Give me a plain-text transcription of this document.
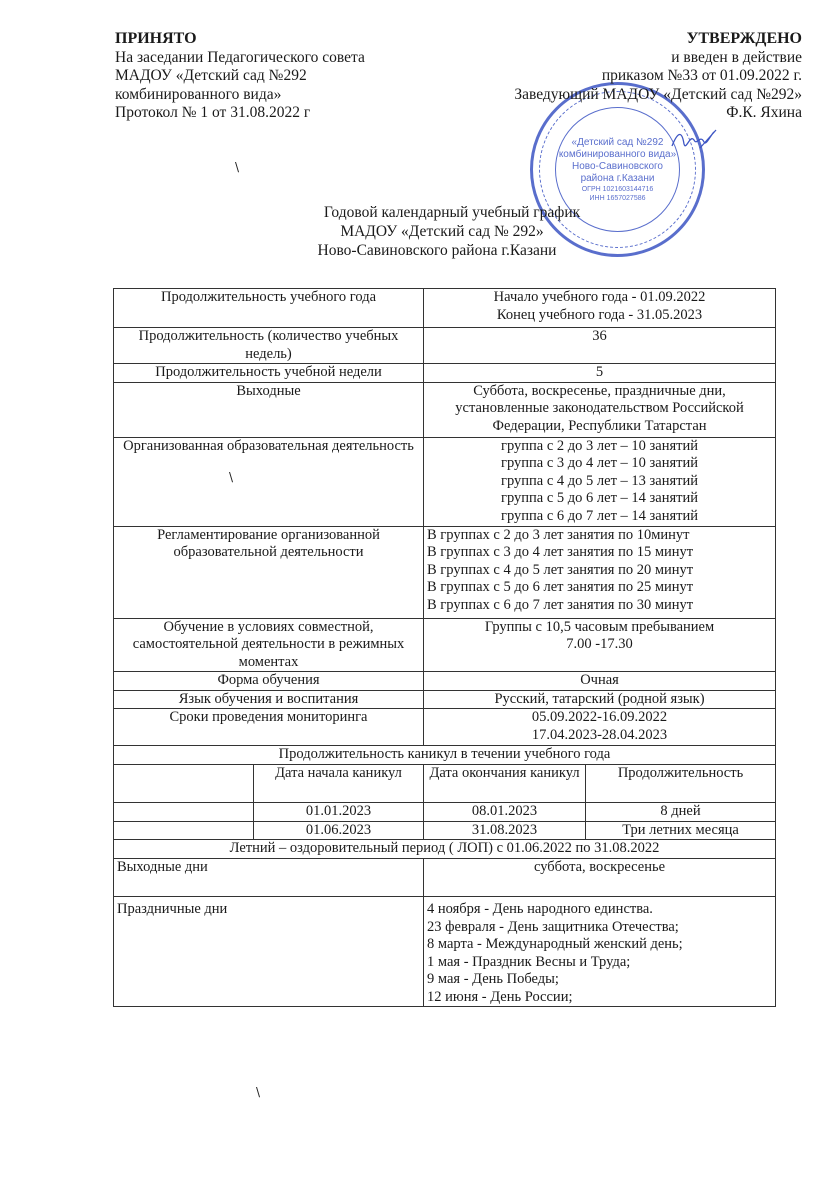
ПРИНЯТО
На заседании Педагогического совета
МАДОУ «Детский сад №292
комбинированного вида»
Протокол № 1 от 31.08.2022 г
«Детский сад №292
комбинированного вида»
Ново-Савиновского
района г.Казани
ОГРН 1021603144716
ИНН 1657027586
УТВЕРЖДЕНО
и введен в действие
приказом №33 от 01.09.2022 г.
Заведующий МАДОУ «Детский сад №292»
Ф.К. Яхина
\
\
\
Годовой календарный учебный график
МАДОУ «Детский сад № 292»
Ново-Савиновского района г.Казани
Продолжительность учебного года		Начало учебного года - 01.09.2022
Конец учебного года - 31.05.2023	

Продолжительность (количество учебных недель)		36	
Продолжительность учебной недели		5	
Выходные		Суббота, воскресенье, праздничные дни,
установленные законодательством Российской
Федерации, Республики Татарстан	

Организованная образовательная деятельность		группа с 2 до 3 лет – 10 занятий
группа с 3 до 4 лет – 10 занятий
группа с 4 до 5 лет – 13 занятий
группа с 5 до 6 лет – 14 занятий
группа с 6 до 7 лет – 14 занятий	

Регламентирование организованной образовательной деятельности		В группах с 2 до 3 лет занятия по 10минут
В группах с 3 до 4 лет занятия по 15 минут
В группах с 4 до 5 лет занятия по 20 минут
В группах с 5 до 6 лет занятия по 25 минут
В группах с 6 до 7 лет занятия по 30 минут	

Обучение в условиях совместной, самостоятельной деятельности в режимных моментах		Группы с 10,5 часовым пребыванием
7.00 -17.30	

Форма обучения		Очная	
Язык обучения и воспитания		Русский, татарский (родной язык)	
Сроки проведения мониторинга		05.09.2022-16.09.2022
17.04.2023-28.04.2023	

Продолжительность каникул в течении учебного года			
	Дата начала каникул	Дата окончания каникул	Продолжительность
	01.01.2023	08.01.2023	8 дней
	01.06.2023	31.08.2023	Три летних месяца
Летний – оздоровительный период ( ЛОП) с 01.06.2022 по 31.08.2022			
Выходные дни		суббота, воскресенье	
Праздничные дни	4 ноября - День народного единства.
23 февраля - День защитника Отечества;
8 марта - Международный женский день;
1 мая - Праздник Весны и Труда;
9 мая - День Победы;
12 июня - День России;
